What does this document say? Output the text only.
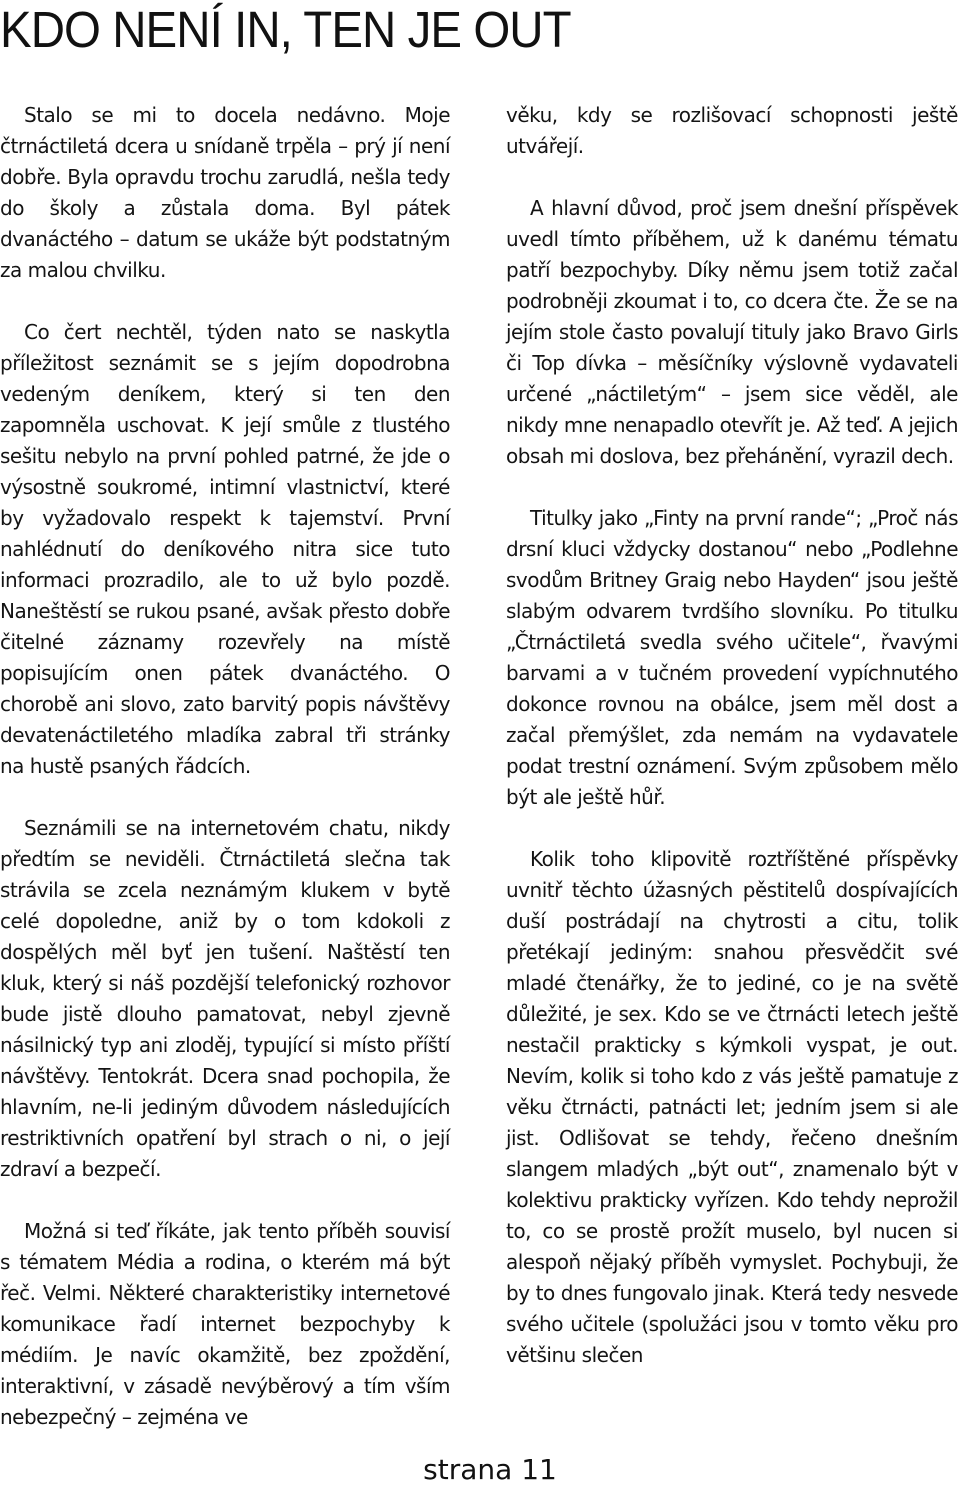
KDO NENÍ IN, TEN JE OUT

Stalo se mi to docela nedávno. Moje čtrnáctiletá dcera u snídaně trpěla – prý jí není dobře. Byla opravdu trochu zarudlá, nešla tedy do školy a zůstala doma. Byl pátek dvanáctého – datum se ukáže být podstatným za malou chvilku.

Co čert nechtěl, týden nato se naskytla příležitost seznámit se s jejím dopodrobna vedeným deníkem, který si ten den zapomněla uschovat. K její smůle z tlustého sešitu nebylo na první pohled patrné, že jde o výsostně soukromé, intimní vlastnictví, které by vyžadovalo respekt k tajemství. První nahlédnutí do deníkového nitra sice tuto informaci prozradilo, ale to už bylo pozdě. Naneštěstí se rukou psané, avšak přesto dobře čitelné záznamy rozevřely na místě popisujícím onen pátek dvanáctého. O chorobě ani slovo, zato barvitý popis návštěvy devatenáctiletého mladíka zabral tři stránky na hustě psaných řádcích.

Seznámili se na internetovém chatu, nikdy předtím se neviděli. Čtrnáctiletá slečna tak strávila se zcela neznámým klukem v bytě celé dopoledne, aniž by o tom kdokoli z dospělých měl byť jen tušení. Naštěstí ten kluk, který si náš pozdější telefonický rozhovor bude jistě dlouho pamatovat, nebyl zjevně násilnický typ ani zloděj, typující si místo příští návštěvy. Tentokrát. Dcera snad pochopila, že hlavním, ne-li jediným důvodem následujících restriktivních opatření byl strach o ni, o její zdraví a bezpečí.

Možná si teď říkáte, jak tento příběh souvisí s tématem Média a rodina, o kterém má být řeč. Velmi. Některé charakteristiky internetové komunikace řadí internet bezpochyby k médiím. Je navíc okamžitě, bez zpoždění, interaktivní, v zásadě nevýběrový a tím vším nebezpečný – zejména ve

věku, kdy se rozlišovací schopnosti ještě utvářejí.

A hlavní důvod, proč jsem dnešní příspěvek uvedl tímto příběhem, už k danému tématu patří bezpochyby. Díky němu jsem totiž začal podrobněji zkoumat i to, co dcera čte. Že se na jejím stole často povalují tituly jako Bravo Girls či Top dívka – měsíčníky výslovně vydavateli určené „náctiletým“ – jsem sice věděl, ale nikdy mne nenapadlo otevřít je. Až teď. A jejich obsah mi doslova, bez přehánění, vyrazil dech.

Titulky jako „Finty na první rande“; „Proč nás drsní kluci vždycky dostanou“ nebo „Podlehne svodům Britney Graig nebo Hayden“ jsou ještě slabým odvarem tvrdšího slovníku. Po titulku „Čtrnáctiletá svedla svého učitele“, řvavými barvami a v tučném provedení vypíchnutého dokonce rovnou na obálce, jsem měl dost a začal přemýšlet, zda nemám na vydavatele podat trestní oznámení. Svým způsobem mělo být ale ještě hůř.

Kolik toho klipovitě roztříštěné příspěvky uvnitř těchto úžasných pěstitelů dospívajících duší postrádají na chytrosti a citu, tolik přetékají jediným: snahou přesvědčit své mladé čtenářky, že to jediné, co je na světě důležité, je sex. Kdo se ve čtrnácti letech ještě nestačil prakticky s kýmkoli vyspat, je out. Nevím, kolik si toho kdo z vás ještě pamatuje z věku čtrnácti, patnácti let; jedním jsem si ale jist. Odlišovat se tehdy, řečeno dnešním slangem mladých „být out“, znamenalo být v kolektivu prakticky vyřízen. Kdo tehdy neprožil to, co se prostě prožít muselo, byl nucen si alespoň nějaký příběh vymyslet. Pochybuji, že by to dnes fungovalo jinak. Která tedy nesvede svého učitele (spolužáci jsou v tomto věku pro většinu slečen

strana 11
